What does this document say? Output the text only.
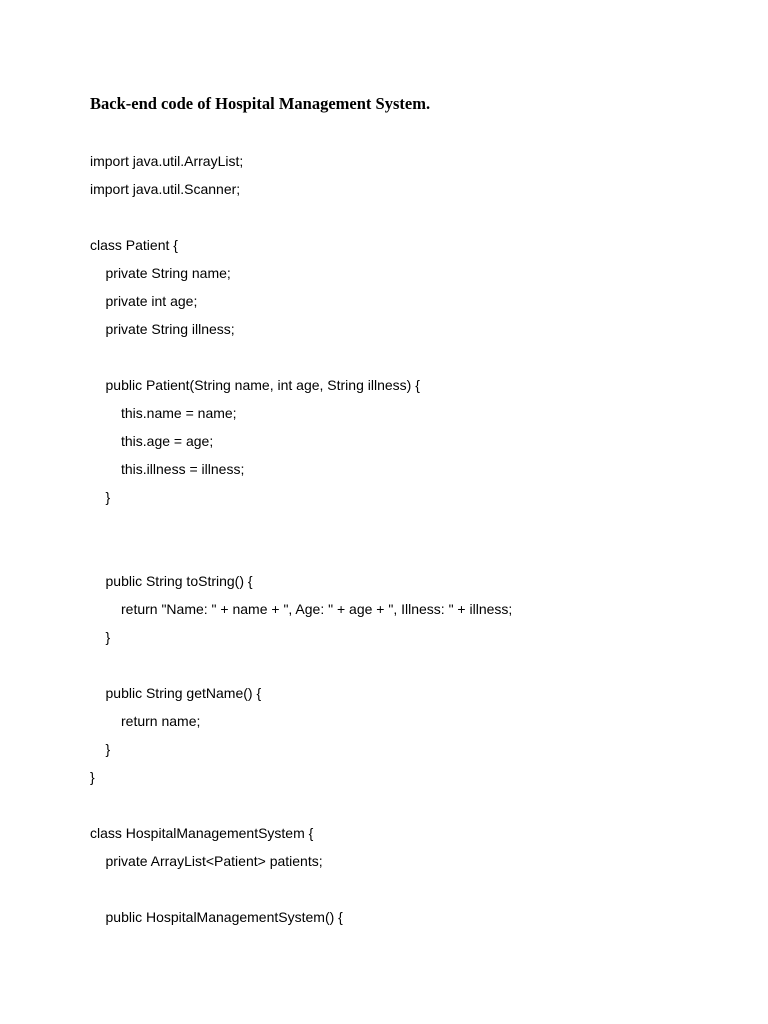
Back-end code of Hospital Management System.

import java.util.ArrayList;

import java.util.Scanner;

class Patient {

private String name;

private int age;

private String illness;

public Patient(String name, int age, String illness) {

this.name = name;

this.age = age;

this.illness = illness;

}

public String toString() {

return "Name: " + name + ", Age: " + age + ", Illness: " + illness;

}

public String getName() {

return name;

}

}

class HospitalManagementSystem {

private ArrayList<Patient> patients;

public HospitalManagementSystem() {
